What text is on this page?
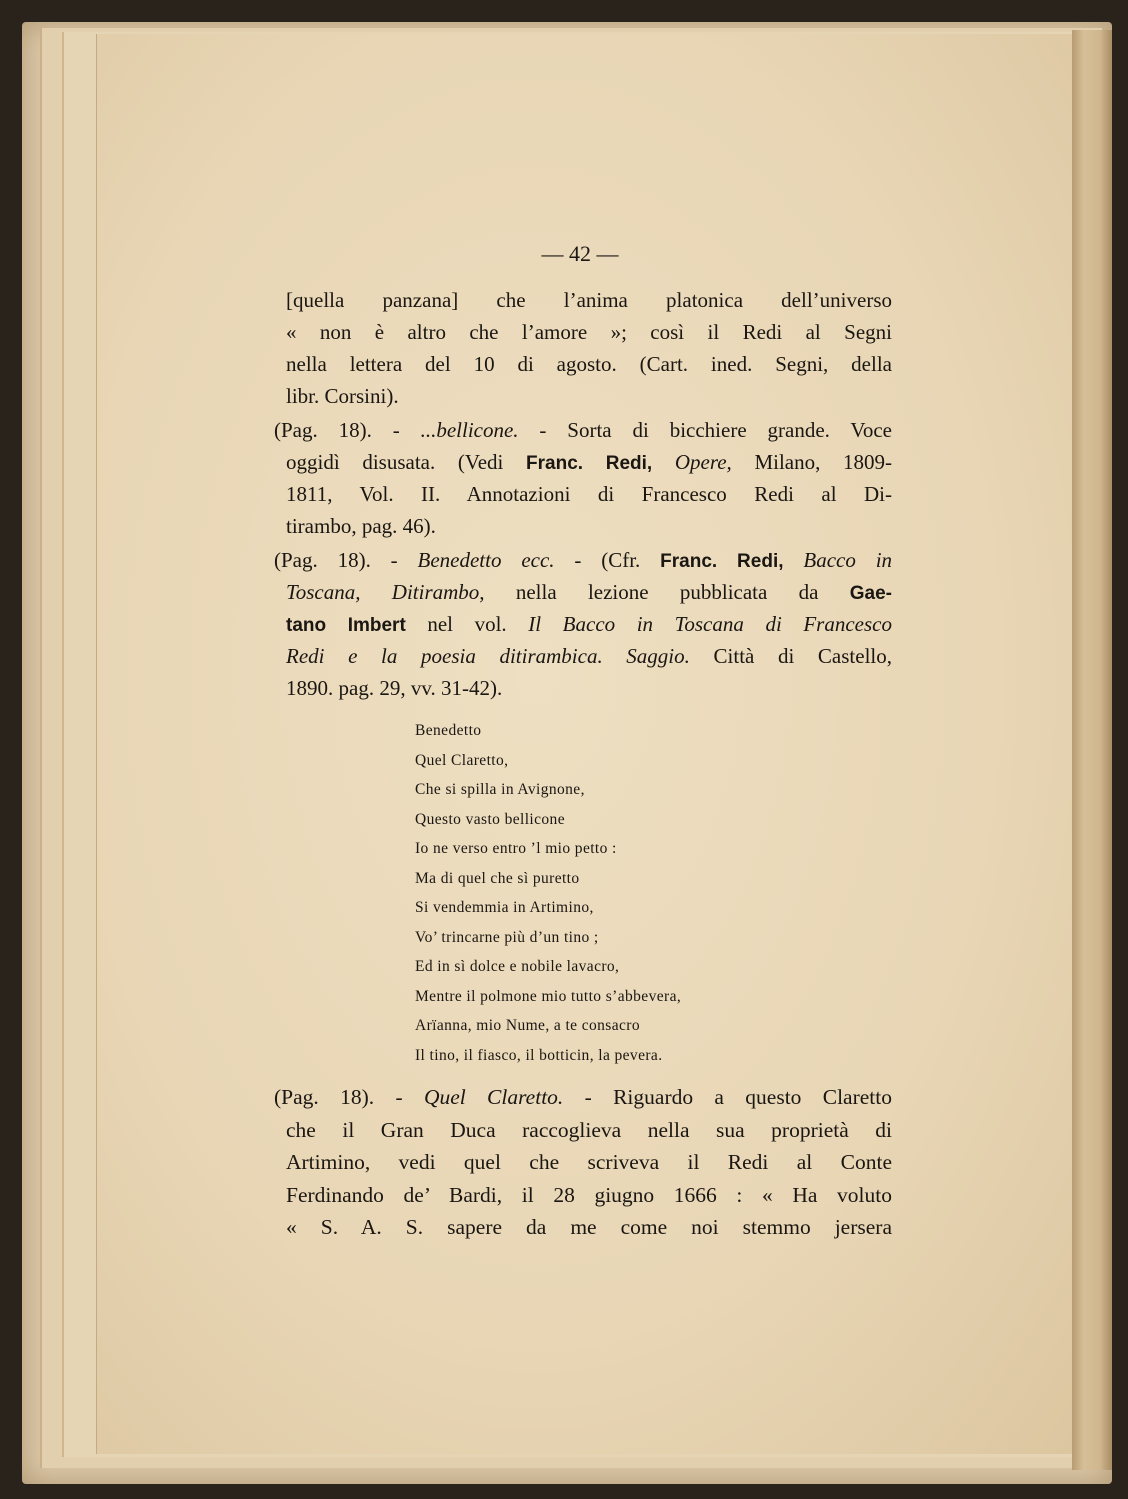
— 42 —
[quella panzana] che l’anima platonica dell’universo
« non è altro che l’amore »; così il Redi al Segni
nella lettera del 10 di agosto. (Cart. ined. Segni, della
libr. Corsini).
(Pag. 18). - ...bellicone. - Sorta di bicchiere grande. Voce
oggidì disusata. (Vedi Franc. Redi, Opere, Milano, 1809-
1811, Vol. II. Annotazioni di Francesco Redi al Di-
tirambo, pag. 46).
(Pag. 18). - Benedetto ecc. - (Cfr. Franc. Redi, Bacco in
Toscana, Ditirambo, nella lezione pubblicata da Gae-
tano Imbert nel vol. Il Bacco in Toscana di Francesco
Redi e la poesia ditirambica. Saggio. Città di Castello,
1890. pag. 29, vv. 31-42).
Benedetto
Quel Claretto,
Che si spilla in Avignone,
Questo vasto bellicone
Io ne verso entro ’l mio petto :
Ma di quel che sì puretto
Si vendemmia in Artimino,
Vo’ trincarne più d’un tino ;
Ed in sì dolce e nobile lavacro,
Mentre il polmone mio tutto s’abbevera,
Arïanna, mio Nume, a te consacro
Il tino, il fiasco, il botticin, la pevera.
(Pag. 18). - Quel Claretto. - Riguardo a questo Claretto
che il Gran Duca raccoglieva nella sua proprietà di
Artimino, vedi quel che scriveva il Redi al Conte
Ferdinando de’ Bardi, il 28 giugno 1666 : « Ha voluto
« S. A. S. sapere da me come noi stemmo jersera
